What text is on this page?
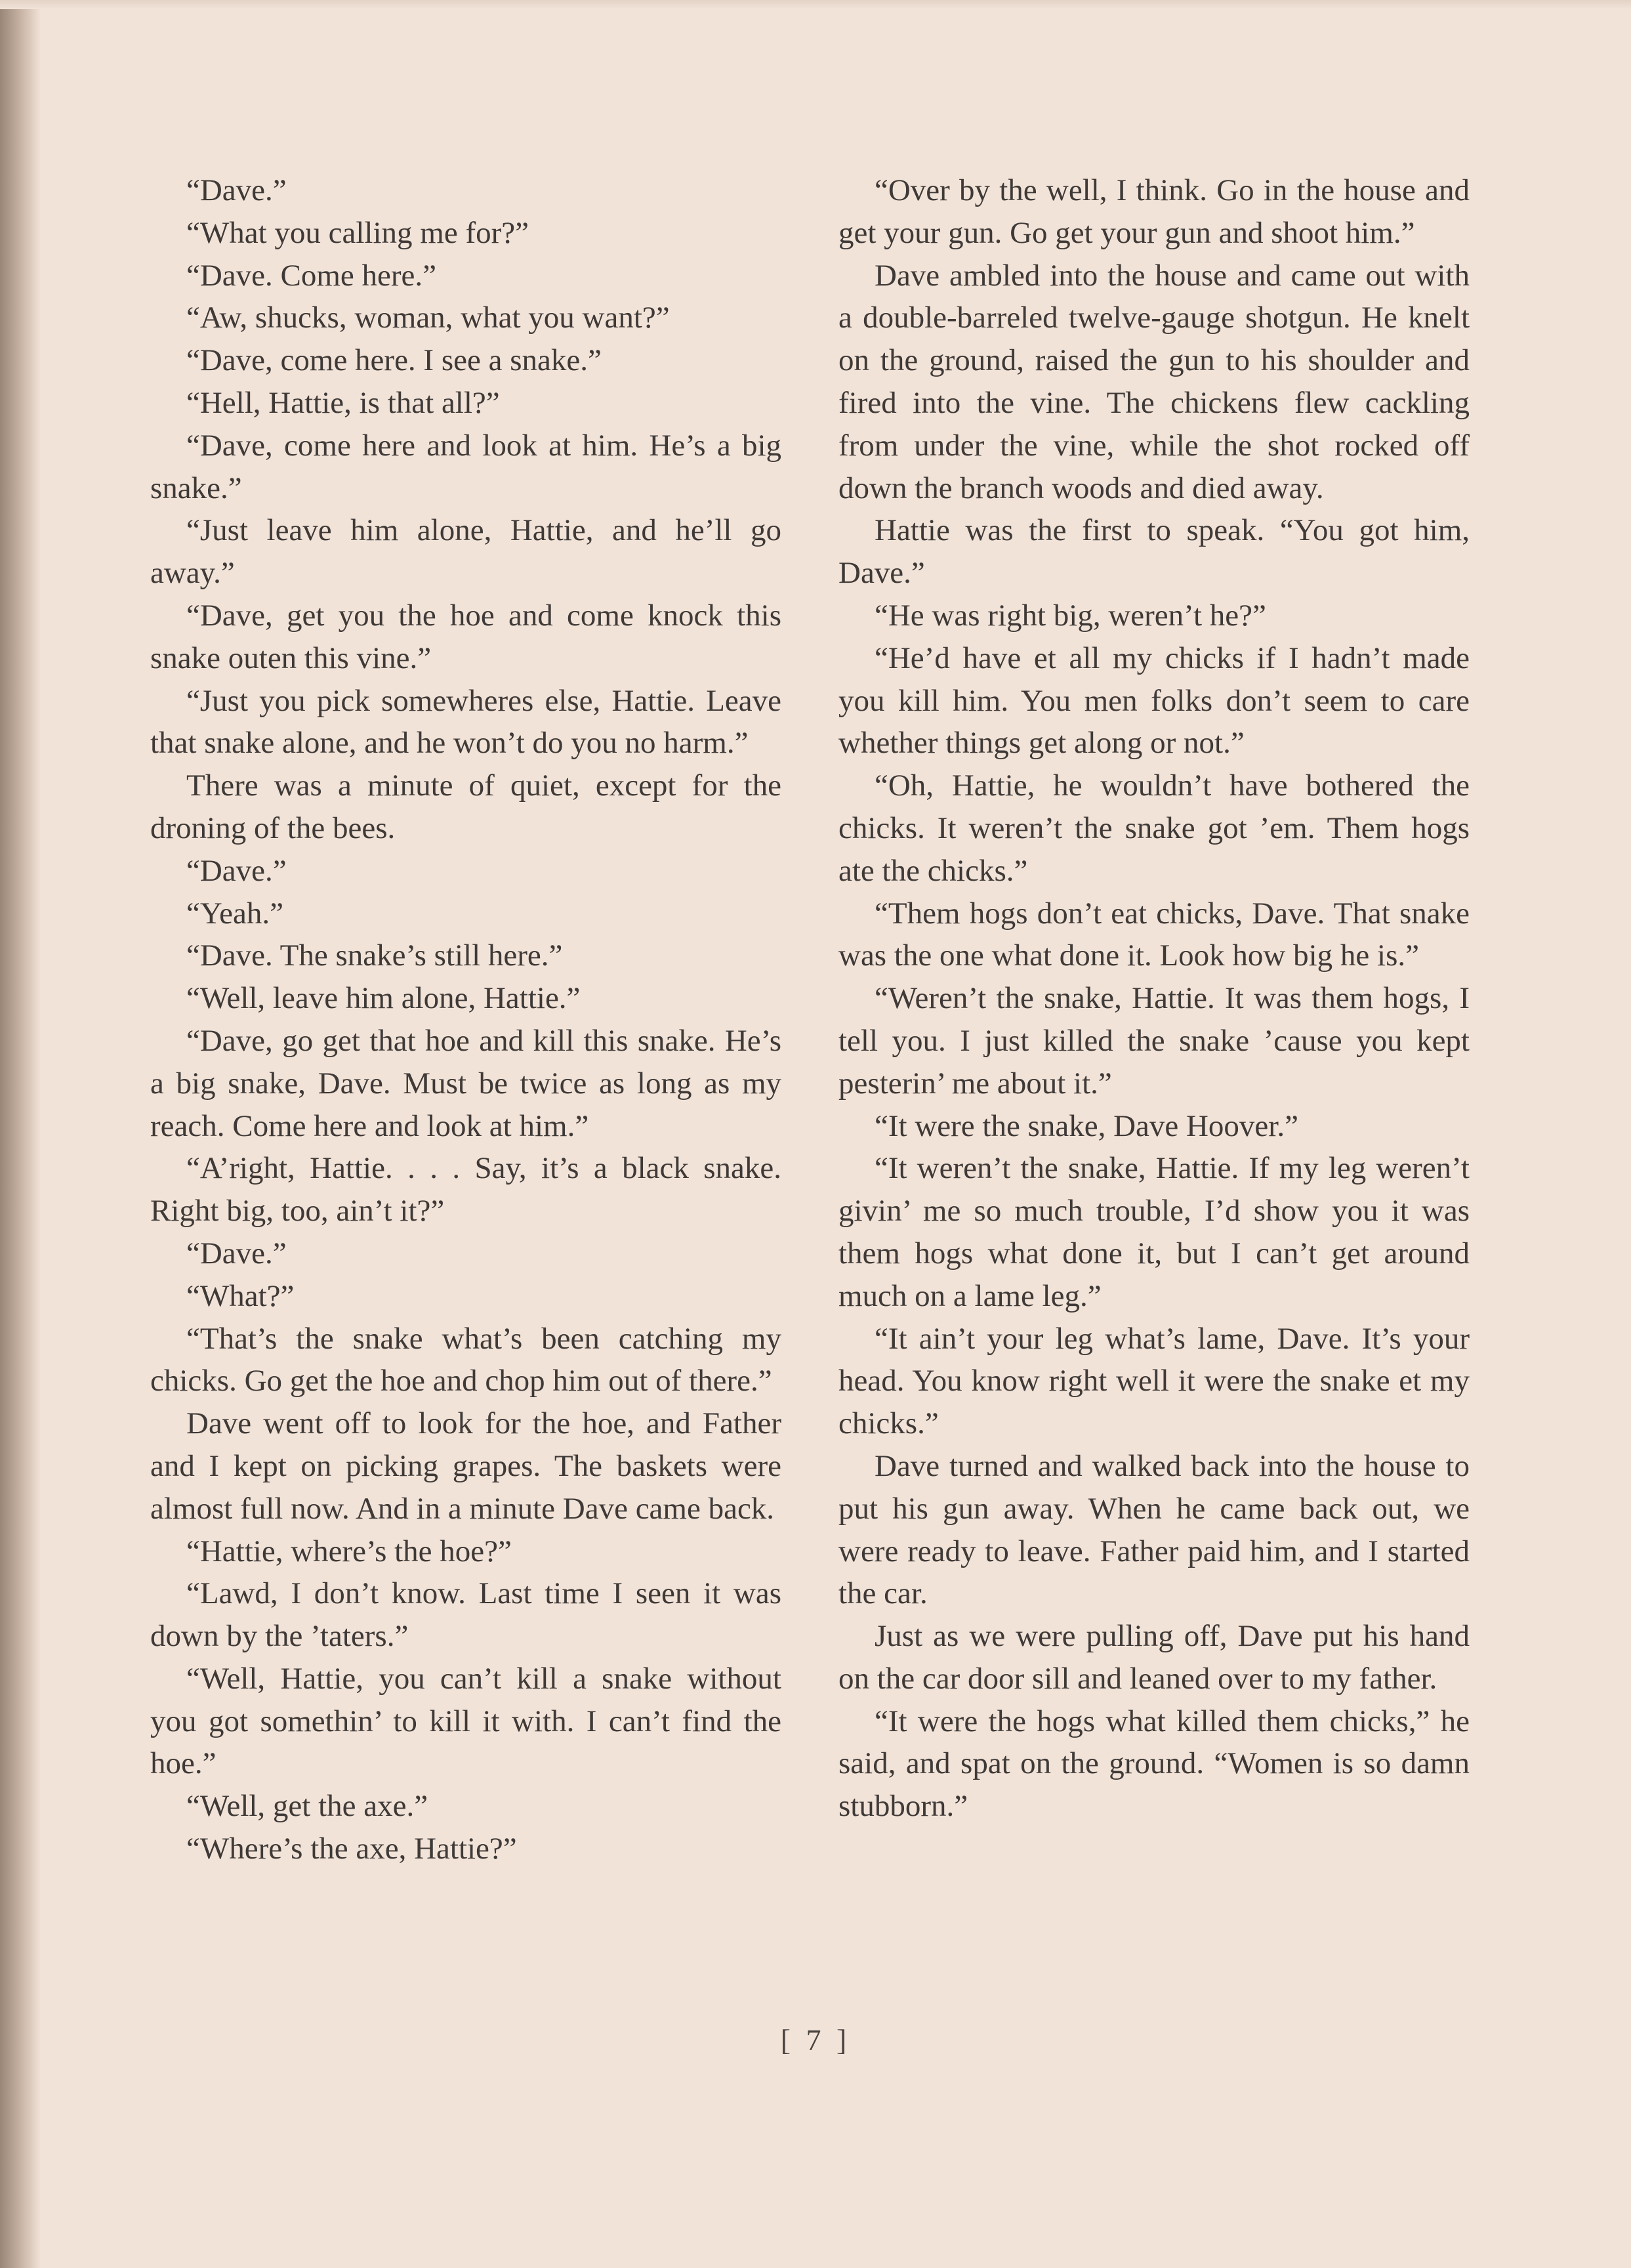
“Dave.”

“What you calling me for?”

“Dave. Come here.”

“Aw, shucks, woman, what you want?”

“Dave, come here. I see a snake.”

“Hell, Hattie, is that all?”

“Dave, come here and look at him. He’s a big snake.”

“Just leave him alone, Hattie, and he’ll go away.”

“Dave, get you the hoe and come knock this snake outen this vine.”

“Just you pick somewheres else, Hattie. Leave that snake alone, and he won’t do you no harm.”

There was a minute of quiet, except for the droning of the bees.

“Dave.”

“Yeah.”

“Dave. The snake’s still here.”

“Well, leave him alone, Hattie.”

“Dave, go get that hoe and kill this snake. He’s a big snake, Dave. Must be twice as long as my reach. Come here and look at him.”

“A’right, Hattie. . . . Say, it’s a black snake. Right big, too, ain’t it?”

“Dave.”

“What?”

“That’s the snake what’s been catching my chicks. Go get the hoe and chop him out of there.”

Dave went off to look for the hoe, and Father and I kept on picking grapes. The baskets were almost full now. And in a minute Dave came back.

“Hattie, where’s the hoe?”

“Lawd, I don’t know. Last time I seen it was down by the ’taters.”

“Well, Hattie, you can’t kill a snake without you got somethin’ to kill it with. I can’t find the hoe.”

“Well, get the axe.”

“Where’s the axe, Hattie?”

“Over by the well, I think. Go in the house and get your gun. Go get your gun and shoot him.”

Dave ambled into the house and came out with a double-barreled twelve-gauge shotgun. He knelt on the ground, raised the gun to his shoulder and fired into the vine. The chickens flew cackling from under the vine, while the shot rocked off down the branch woods and died away.

Hattie was the first to speak. “You got him, Dave.”

“He was right big, weren’t he?”

“He’d have et all my chicks if I hadn’t made you kill him. You men folks don’t seem to care whether things get along or not.”

“Oh, Hattie, he wouldn’t have bothered the chicks. It weren’t the snake got ’em. Them hogs ate the chicks.”

“Them hogs don’t eat chicks, Dave. That snake was the one what done it. Look how big he is.”

“Weren’t the snake, Hattie. It was them hogs, I tell you. I just killed the snake ’cause you kept pesterin’ me about it.”

“It were the snake, Dave Hoover.”

“It weren’t the snake, Hattie. If my leg weren’t givin’ me so much trouble, I’d show you it was them hogs what done it, but I can’t get around much on a lame leg.”

“It ain’t your leg what’s lame, Dave. It’s your head. You know right well it were the snake et my chicks.”

Dave turned and walked back into the house to put his gun away. When he came back out, we were ready to leave. Father paid him, and I started the car.

Just as we were pulling off, Dave put his hand on the car door sill and leaned over to my father.

“It were the hogs what killed them chicks,” he said, and spat on the ground. “Women is so damn stubborn.”

[ 7 ]
